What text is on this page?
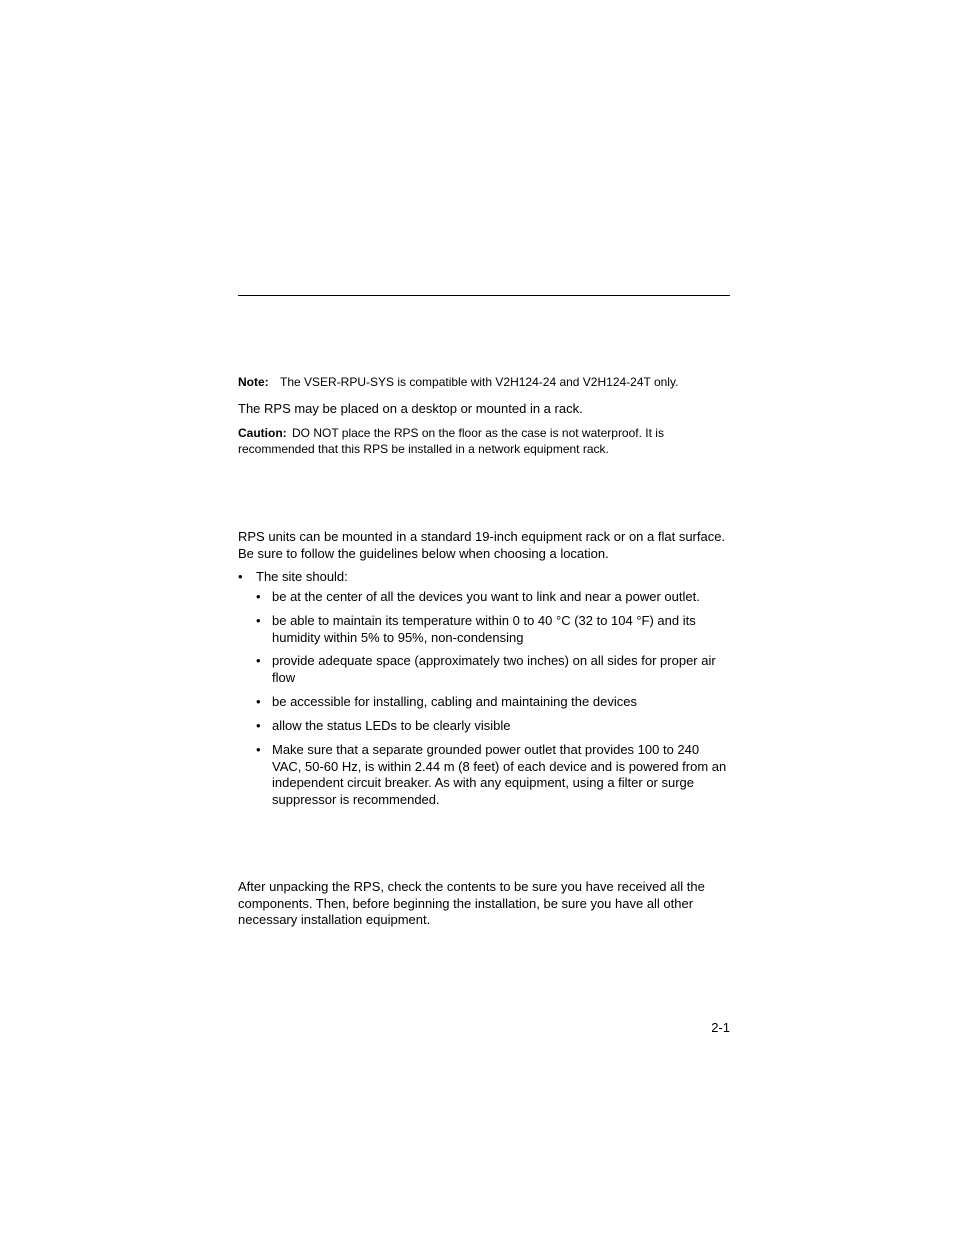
Note: The VSER-RPU-SYS is compatible with V2H124-24 and V2H124-24T only.

The RPS may be placed on a desktop or mounted in a rack.

Caution: DO NOT place the RPS on the floor as the case is not waterproof. It is recommended that this RPS be installed in a network equipment rack.

RPS units can be mounted in a standard 19-inch equipment rack or on a flat surface. Be sure to follow the guidelines below when choosing a location.

• The site should:
• be at the center of all the devices you want to link and near a power outlet.
• be able to maintain its temperature within 0 to 40 °C (32 to 104 °F) and its humidity within 5% to 95%, non-condensing
• provide adequate space (approximately two inches) on all sides for proper air flow
• be accessible for installing, cabling and maintaining the devices
• allow the status LEDs to be clearly visible
• Make sure that a separate grounded power outlet that provides 100 to 240 VAC, 50-60 Hz, is within 2.44 m (8 feet) of each device and is powered from an independent circuit breaker. As with any equipment, using a filter or surge suppressor is recommended.

After unpacking the RPS, check the contents to be sure you have received all the components. Then, before beginning the installation, be sure you have all other necessary installation equipment.

2-1
